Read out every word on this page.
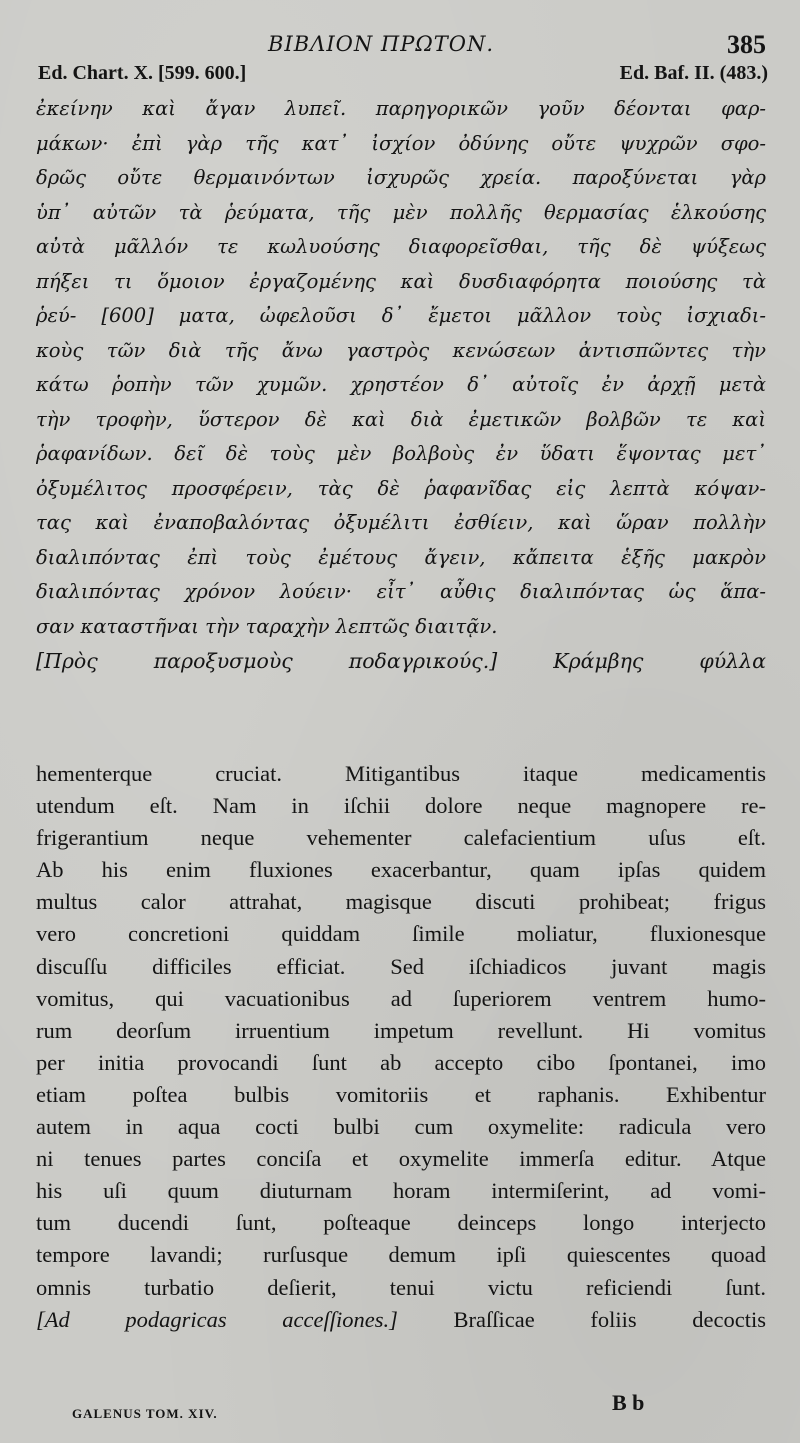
ΒΙΒΛΙΟΝ ΠΡΩΤΟΝ.	385
Ed. Chart. X. [599. 600.]	Ed. Baf. II. (483.)
ἐκείνην καὶ ἄγαν λυπεῖ. παρηγορικῶν γοῦν δέονται φαρ-
μάκων· ἐπὶ γὰρ τῆς κατ᾽ ἰσχίον ὀδύνης οὔτε ψυχρῶν σφο-
δρῶς οὔτε θερμαινόντων ἰσχυρῶς χρεία. παροξύνεται γὰρ
ὑπ᾽ αὐτῶν τὰ ῥεύματα, τῆς μὲν πολλῆς θερμασίας ἑλκούσης
αὐτὰ μᾶλλόν τε κωλυούσης διαφορεῖσθαι, τῆς δὲ ψύξεως
πήξει τι ὅμοιον ἐργαζομένης καὶ δυσδιαφόρητα ποιούσης τὰ
ῥεύ- [600] ματα, ὠφελοῦσι δ᾽ ἔμετοι μᾶλλον τοὺς ἰσχιαδι-
κοὺς τῶν διὰ τῆς ἄνω γαστρὸς κενώσεων ἀντισπῶντες τὴν
κάτω ῥοπὴν τῶν χυμῶν. χρηστέον δ᾽ αὐτοῖς ἐν ἀρχῇ μετὰ
τὴν τροφὴν, ὕστερον δὲ καὶ διὰ ἐμετικῶν βολβῶν τε καὶ
ῥαφανίδων. δεῖ δὲ τοὺς μὲν βολβοὺς ἐν ὕδατι ἕψοντας μετ᾽
ὀξυμέλιτος προσφέρειν, τὰς δὲ ῥαφανῖδας εἰς λεπτὰ κόψαν-
τας καὶ ἐναποβαλόντας ὀξυμέλιτι ἐσθίειν, καὶ ὥραν πολλὴν
διαλιπόντας ἐπὶ τοὺς ἐμέτους ἄγειν, κἄπειτα ἑξῆς μακρὸν
διαλιπόντας χρόνον λούειν· εἶτ᾽ αὖθις διαλιπόντας ὡς ἅπα-
σαν καταστῆναι τὴν ταραχὴν λεπτῶς διαιτᾷν.
[Πρὸς παροξυσμοὺς ποδαγρικούς.] Κράμβης φύλλα
hementerque cruciat. Mitigantibus itaque medicamentis
utendum eſt. Nam in iſchii dolore neque magnopere re-
frigerantium neque vehementer calefacientium uſus eſt.
Ab his enim fluxiones exacerbantur, quam ipſas quidem
multus calor attrahat, magisque discuti prohibeat; frigus
vero concretioni quiddam ſimile moliatur, fluxionesque
discuſſu difficiles efficiat. Sed iſchiadicos juvant magis
vomitus, qui vacuationibus ad ſuperiorem ventrem humo-
rum deorſum irruentium impetum revellunt. Hi vomitus
per initia provocandi ſunt ab accepto cibo ſpontanei, imo
etiam poſtea bulbis vomitoriis et raphanis. Exhibentur
autem in aqua cocti bulbi cum oxymelite: radicula vero
ni tenues partes conciſa et oxymelite immerſa editur. Atque
his uſi quum diuturnam horam intermiſerint, ad vomi-
tum ducendi ſunt, poſteaque deinceps longo interjecto
tempore lavandi; rurſusque demum ipſi quiescentes quoad
omnis turbatio deſierit, tenui victu reficiendi ſunt.
[Ad podagricas acceſſiones.] Braſſicae foliis decoctis
GALENUS TOM. XIV.	B b
